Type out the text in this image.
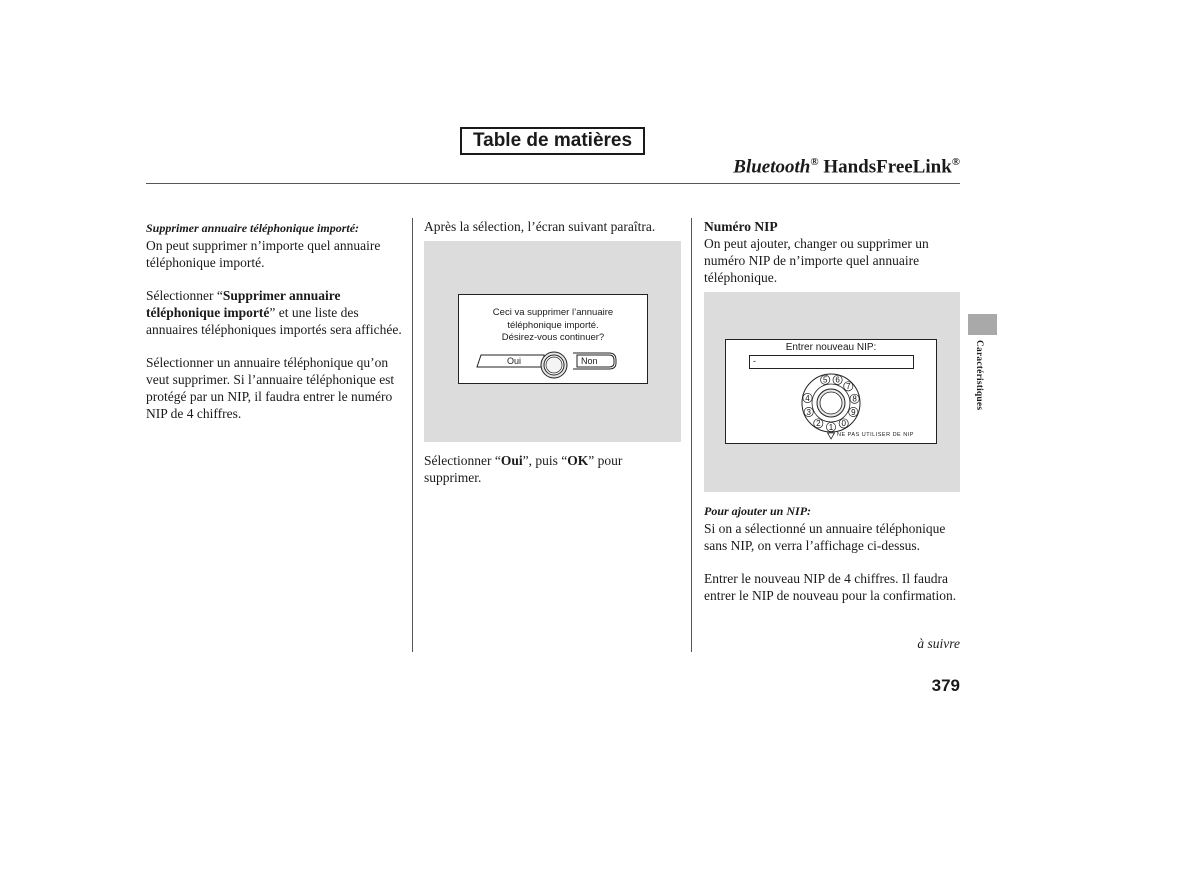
Table de matières
Bluetooth® HandsFreeLink®

Supprimer annuaire téléphonique importé:

On peut supprimer n’importe quel annuaire téléphonique importé.

Sélectionner “Supprimer annuaire téléphonique importé” et une liste des annuaires téléphoniques importés sera affichée.

Sélectionner un annuaire téléphonique qu’on veut supprimer. Si l’annuaire téléphonique est protégé par un NIP, il faudra entrer le numéro NIP de 4 chiffres.

Après la sélection, l’écran suivant paraîtra.

Ceci va supprimer l’annuaire
téléphonique importé.
Désirez-vous continuer?
Oui	Non

Sélectionner “Oui”, puis “OK” pour supprimer.

Numéro NIP

On peut ajouter, changer ou supprimer un numéro NIP de n’importe quel annuaire téléphonique.

Entrer nouveau NIP:
-
5 6
7
8
9
0
1
2
3
4
NE PAS UTILISER DE NIP

Pour ajouter un NIP:

Si on a sélectionné un annuaire téléphonique sans NIP, on verra l’affichage ci-dessus.

Entrer le nouveau NIP de 4 chiffres. Il faudra entrer le NIP de nouveau pour la confirmation.

Caractéristiques
à suivre
379
